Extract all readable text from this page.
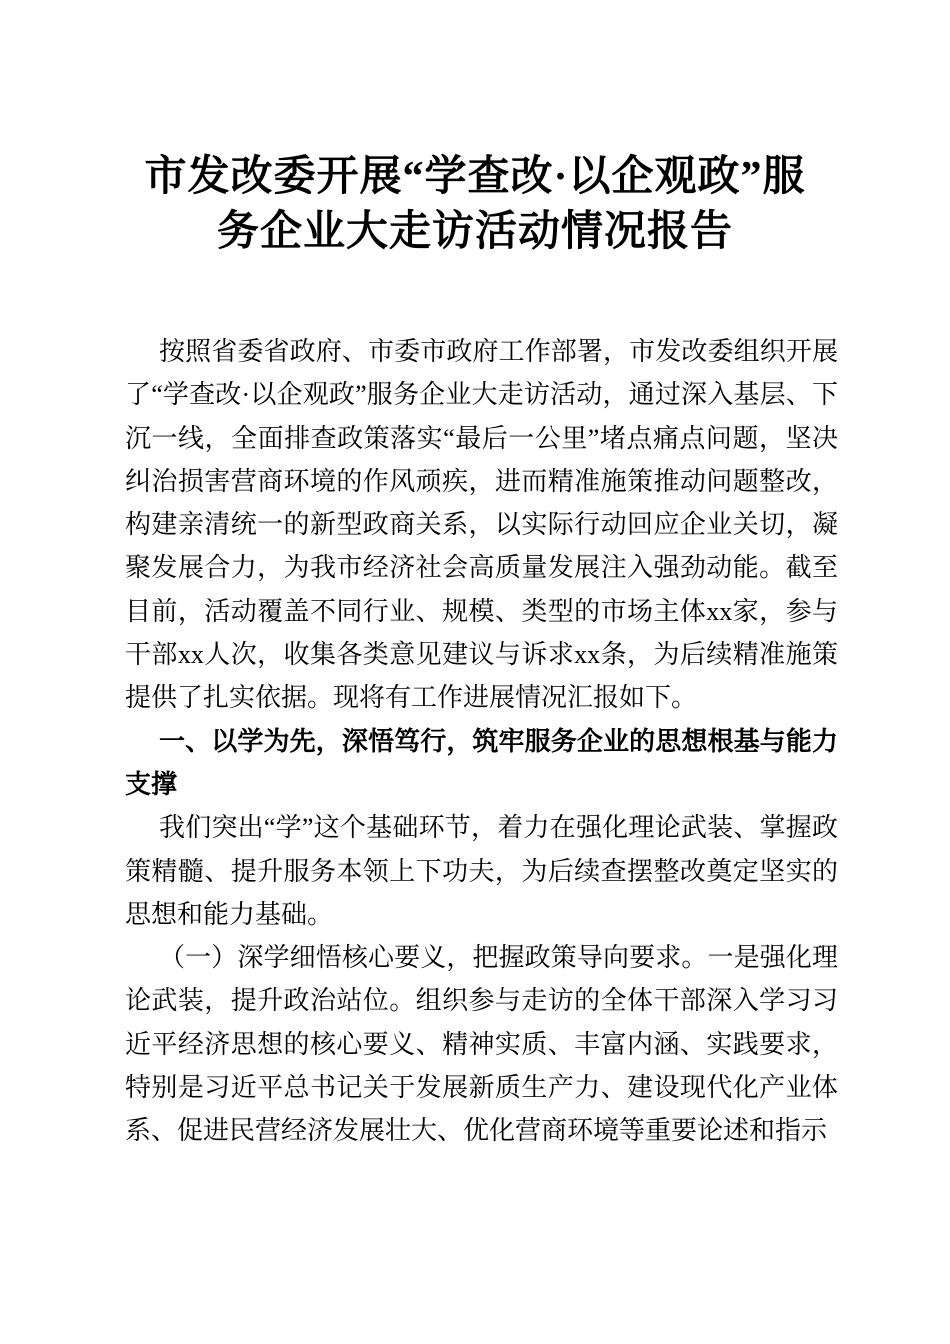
市发改委开展“学查改·以企观政”服
务企业大走访活动情况报告

按照省委省政府、市委市政府工作部署，市发改委组织开展了“学查改·以企观政”服务企业大走访活动，通过深入基层、下沉一线，全面排查政策落实“最后一公里”堵点痛点问题，坚决纠治损害营商环境的作风顽疾，进而精准施策推动问题整改，构建亲清统一的新型政商关系，以实际行动回应企业关切，凝聚发展合力，为我市经济社会高质量发展注入强劲动能。截至目前，活动覆盖不同行业、规模、类型的市场主体xx家，参与干部xx人次，收集各类意见建议与诉求xx条，为后续精准施策提供了扎实依据。现将有工作进展情况汇报如下。

一、以学为先，深悟笃行，筑牢服务企业的思想根基与能力支撑

我们突出“学”这个基础环节，着力在强化理论武装、掌握政策精髓、提升服务本领上下功夫，为后续查摆整改奠定坚实的思想和能力基础。

（一）深学细悟核心要义，把握政策导向要求。一是强化理论武装，提升政治站位。组织参与走访的全体干部深入学习习近平经济思想的核心要义、精神实质、丰富内涵、实践要求，特别是习近平总书记关于发展新质生产力、建设现代化产业体系、促进民营经济发展壮大、优化营商环境等重要论述和指示
